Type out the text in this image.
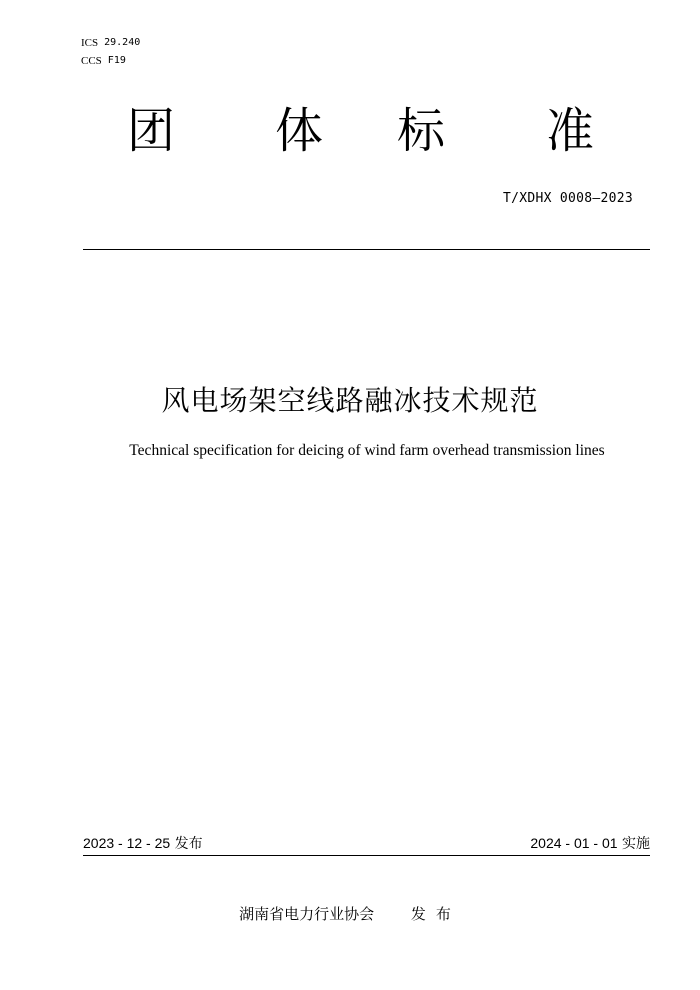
ICS 29.240
CCS F19
团 体 标 准
T/XDHX 0008—2023
风电场架空线路融冰技术规范
Technical specification for deicing of wind farm overhead transmission lines
2023 - 12 - 25 发布	2024 - 01 - 01 实施
湖南省电力行业协会 发布
